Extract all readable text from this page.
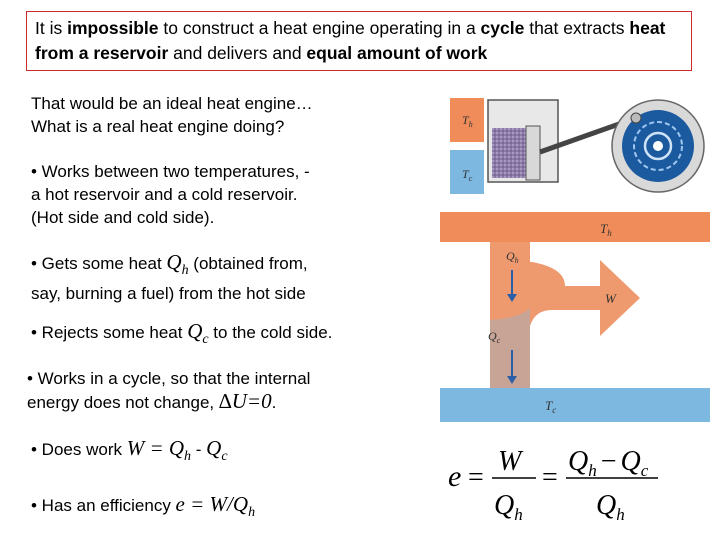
It is impossible to construct a heat engine operating in a cycle that extracts heat from a reservoir and delivers and equal amount of work
That would be an ideal heat engine…
What is a real heat engine doing?
• Works between two temperatures, -
a hot reservoir and a cold reservoir.
(Hot side and cold side).
• Gets some heat $Q_h$ (obtained from,
say, burning a fuel) from the hot side
• Rejects some heat $Q_c$ to the cold side.
• Works in a cycle, so that the internal
energy does not change, ∆U=0.
• Does work $W = Q_h - Q_c$
• Has an efficiency $e = W/Q_h$
$T_h$
$T_c$
$T_h$
W
$Q_h$
$Q_c$
$T_c$
e =
W
$Q_h$
=
$Q_h - Q_c$
$Q_h$
